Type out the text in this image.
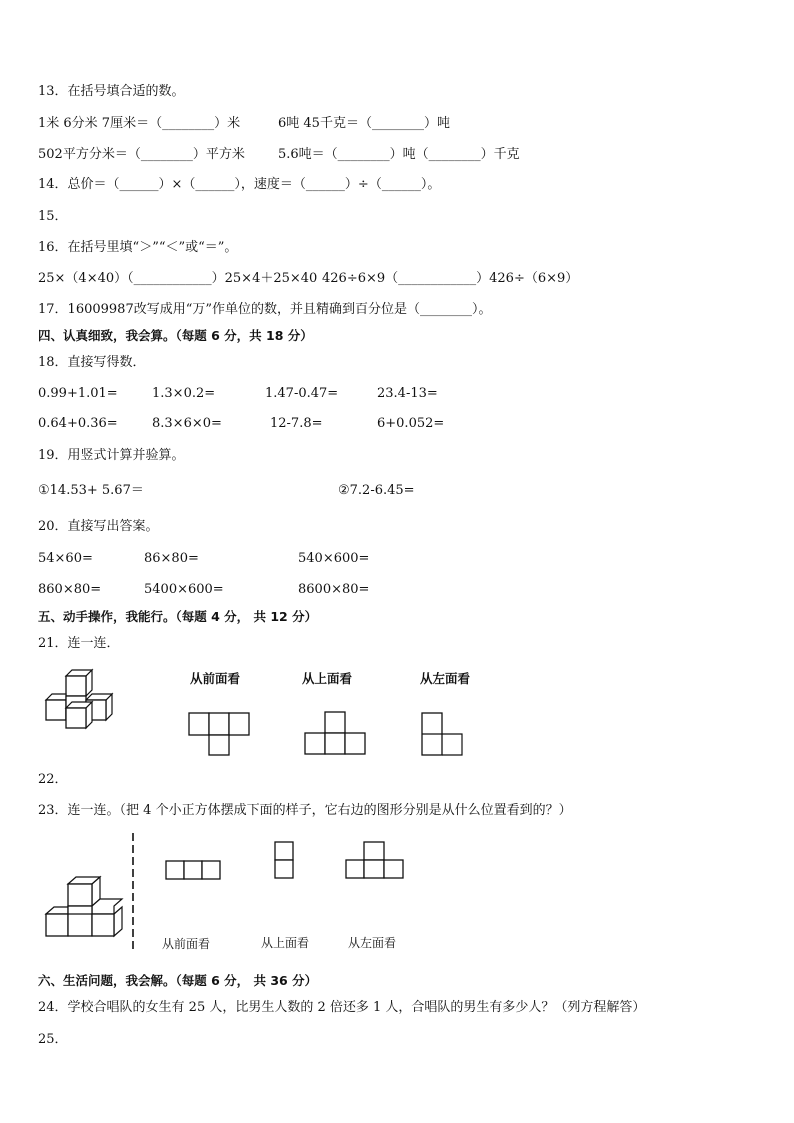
13．在括号填合适的数。
1米 6分米 7厘米＝（________）米	6吨 45千克＝（________）吨
502平方分米＝（________）平方米	5.6吨＝（________）吨（________）千克
14．总价＝（______）×（______），速度＝（______）÷（______）。
15．
16．在括号里填“＞”“＜”或“＝”。
25×（4×40）（____________）25×4＋25×40 426÷6×9（____________）426÷（6×9）
17．16009987改写成用“万”作单位的数，并且精确到百分位是（________）。
四、认真细致，我会算。（每题 6 分，共 18 分）
18．直接写得数．
0.99+1.01=	1.3×0.2=	1.47-0.47=	23.4-13=
0.64+0.36=	8.3×6×0=	12-7.8=	6+0.052=
19．用竖式计算并验算。
①14.53+ 5.67＝	②7.2-6.45=
20．直接写出答案。
54×60=	86×80=	540×600=
860×80=	5400×600=	8600×80=
五、动手操作，我能行。（每题 4 分， 共 12 分）
21．连一连．
从前面看	从上面看	从左面看
22．
23．连一连。（把 4 个小正方体摆成下面的样子，它右边的图形分别是从什么位置看到的？）
从前面看	从上面看	从左面看
六、生活问题，我会解。（每题 6 分， 共 36 分）
24．学校合唱队的女生有 25 人，比男生人数的 2 倍还多 1 人，合唱队的男生有多少人？（列方程解答）
25．
